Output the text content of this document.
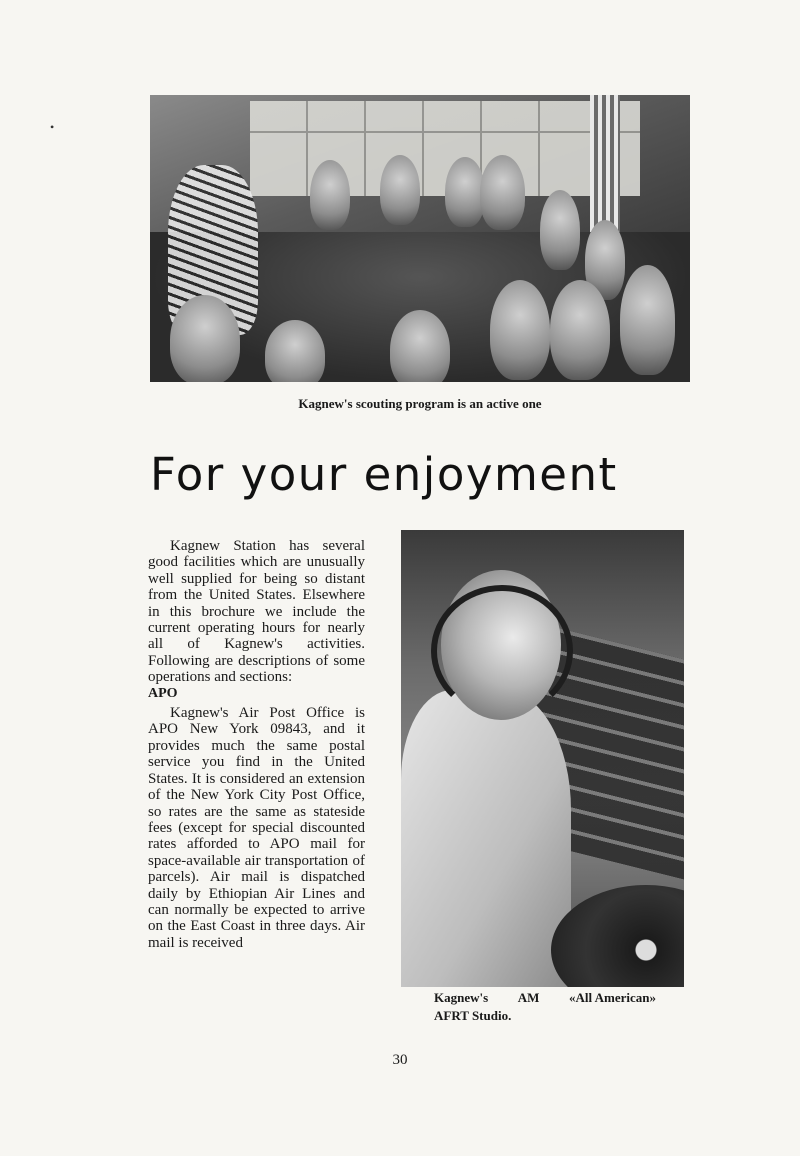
•
Kagnew's scouting program is an active one
For your enjoyment

Kagnew Station has several good facilities which are unusually well supplied for being so distant from the United States. Elsewhere in this brochure we include the current operating hours for nearly all of Kagnew's activities. Following are descriptions of some operations and sections:

APO

Kagnew's Air Post Office is APO New York 09843, and it provides much the same postal service you find in the United States. It is considered an extension of the New York City Post Office, so rates are the same as stateside fees (except for special discounted rates afforded to APO mail for space-available air transportation of parcels). Air mail is dispatched daily by Ethiopian Air Lines and can normally be expected to arrive on the East Coast in three days. Air mail is received

Kagnew's AM «All American»
AFRT Studio.
30
